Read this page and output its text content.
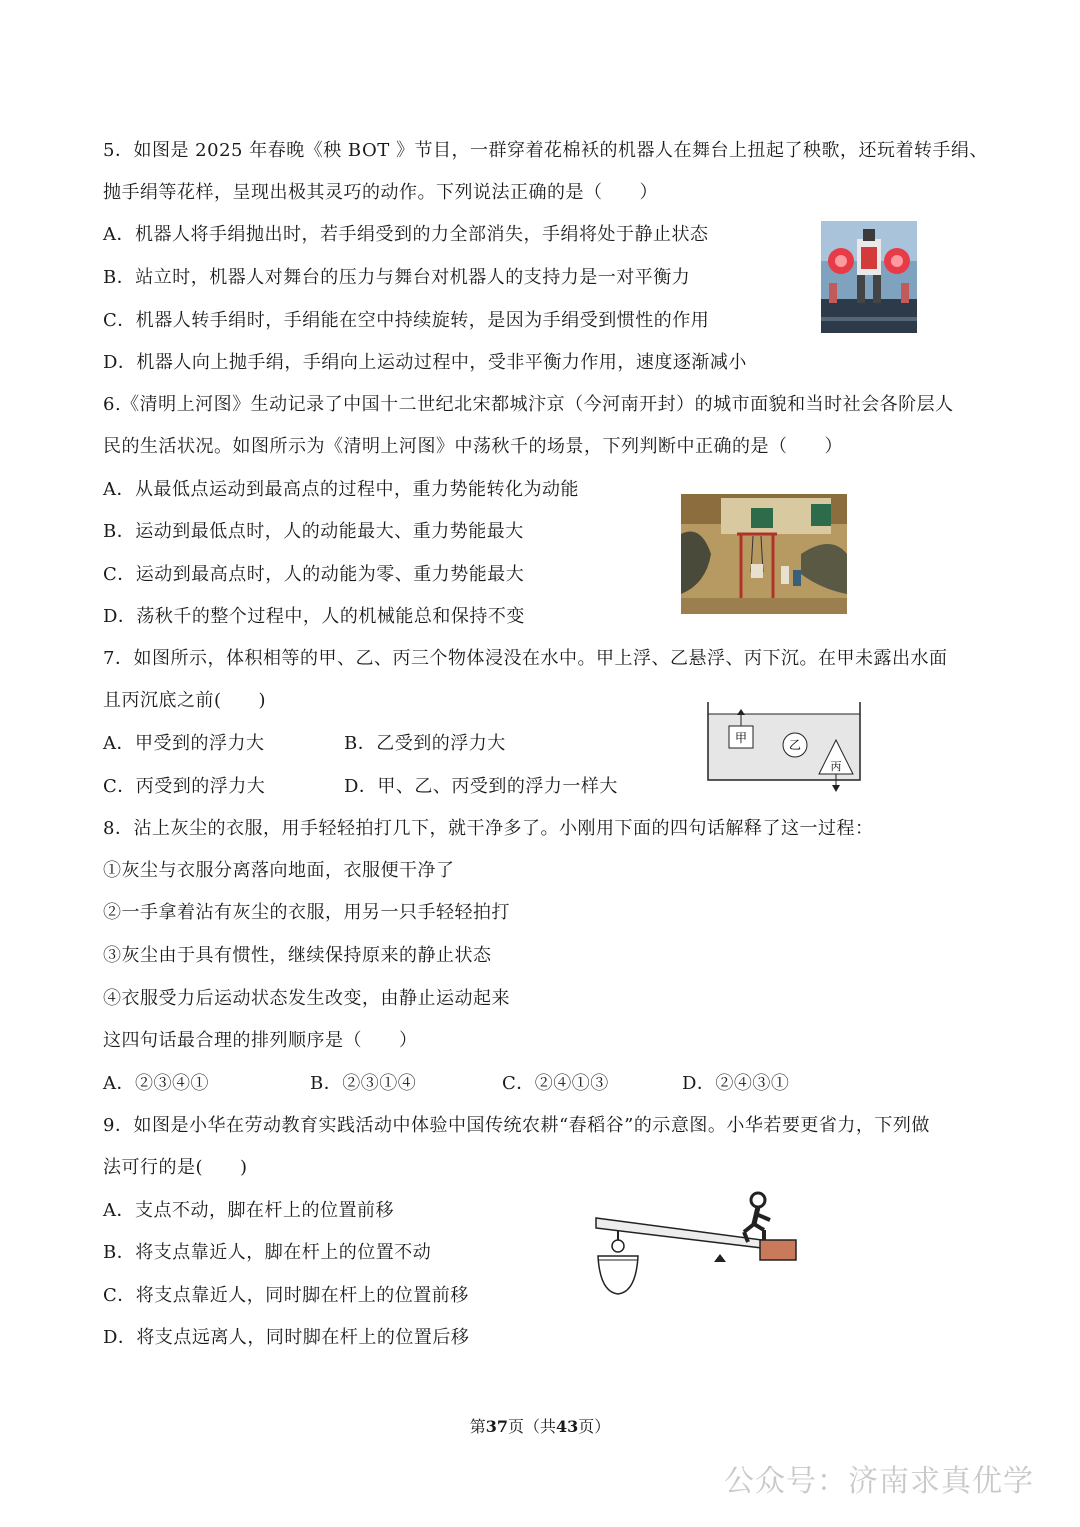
5．如图是 2025 年春晚《秧 BOT 》节目，一群穿着花棉袄的机器人在舞台上扭起了秧歌，还玩着转手绢、
抛手绢等花样，呈现出极其灵巧的动作。下列说法正确的是（　　）
A．机器人将手绢抛出时，若手绢受到的力全部消失，手绢将处于静止状态
B．站立时，机器人对舞台的压力与舞台对机器人的支持力是一对平衡力
C．机器人转手绢时，手绢能在空中持续旋转，是因为手绢受到惯性的作用
D．机器人向上抛手绢，手绢向上运动过程中，受非平衡力作用，速度逐渐减小
6.《清明上河图》生动记录了中国十二世纪北宋都城汴京（今河南开封）的城市面貌和当时社会各阶层人
民的生活状况。如图所示为《清明上河图》中荡秋千的场景，下列判断中正确的是（　　）
A．从最低点运动到最高点的过程中，重力势能转化为动能
B．运动到最低点时，人的动能最大、重力势能最大
C．运动到最高点时，人的动能为零、重力势能最大
D．荡秋千的整个过程中，人的机械能总和保持不变
7．如图所示，体积相等的甲、乙、丙三个物体浸没在水中。甲上浮、乙悬浮、丙下沉。在甲未露出水面
且丙沉底之前(　　)
A．甲受到的浮力大	B．乙受到的浮力大
C．丙受到的浮力大	D．甲、乙、丙受到的浮力一样大
甲	乙
丙
8．沾上灰尘的衣服，用手轻轻拍打几下，就干净多了。小刚用下面的四句话解释了这一过程：
①灰尘与衣服分离落向地面，衣服便干净了
②一手拿着沾有灰尘的衣服，用另一只手轻轻拍打
③灰尘由于具有惯性，继续保持原来的静止状态
④衣服受力后运动状态发生改变，由静止运动起来
这四句话最合理的排列顺序是（　　）
A．②③④①	B．②③①④	C．②④①③	D．②④③①
9．如图是小华在劳动教育实践活动中体验中国传统农耕“舂稻谷”的示意图。小华若要更省力，下列做
法可行的是(　　)
A．支点不动，脚在杆上的位置前移
B．将支点靠近人，脚在杆上的位置不动
C．将支点靠近人，同时脚在杆上的位置前移
D．将支点远离人，同时脚在杆上的位置后移
第37页（共43页）
公众号：济南求真优学
